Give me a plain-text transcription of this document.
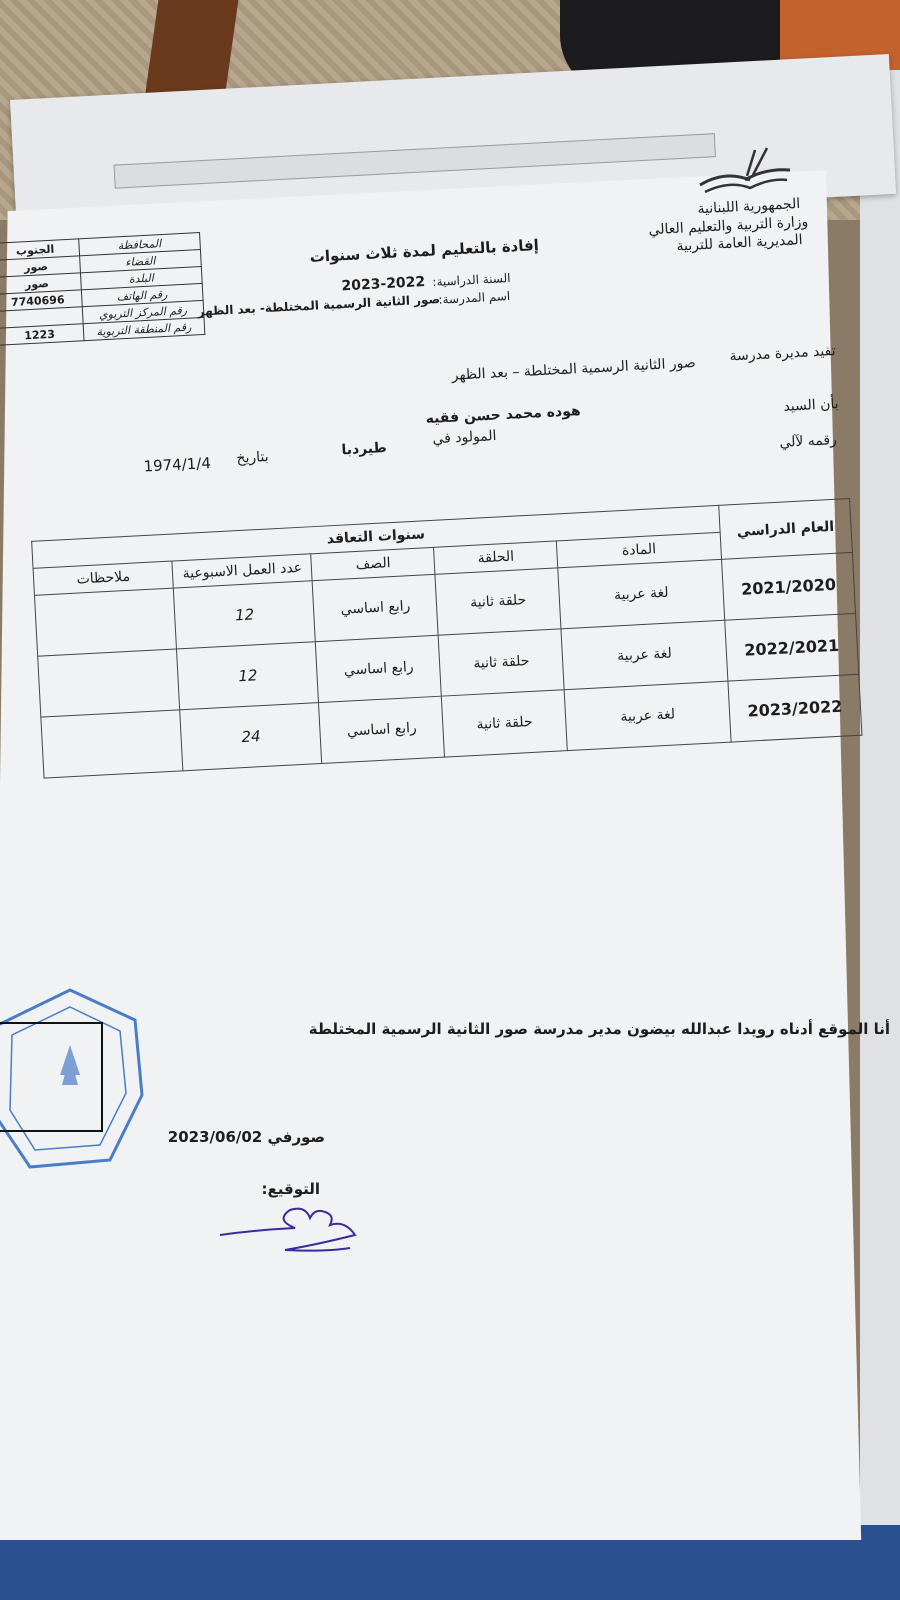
الجمهورية اللبنانية
وزارة التربية والتعليم العالي
المديرية العامة للتربية
إفادة بالتعليم لمدة ثلاث سنوات
السنة الدراسية:
2023-2022
اسم المدرسة:
صور الثانية الرسمية المختلطة- بعد الظهر
المحافظة	الجنوب
القضاء	صور
البلدة	صور
رقم الهاتف	7740696
رقم المركز التربوي	
رقم المنطقة التربوية	1223
تفيد مديرة مدرسة
صور الثانية الرسمية المختلطة – بعد الظهر
بأن السيد
هوده محمد حسن فقيه
رقمه لآلي
المولود في
طيردبا
بتاريخ
1974/1/4
العام الدراسي	سنوات التعاقد				
	المادة	الحلقة	الصف	عدد العمل الاسبوعية	ملاحظات
2021/2020	لغة عربية	حلقة ثانية	رابع اساسي	12	
2022/2021	لغة عربية	حلقة ثانية	رابع اساسي	12	
2023/2022	لغة عربية	حلقة ثانية	رابع اساسي	24	
أنا الموقع أدناه رويدا عبدالله بيضون مدير مدرسة صور الثانية الرسمية المختلطة
صورفي 2023/06/02
التوقيع:
